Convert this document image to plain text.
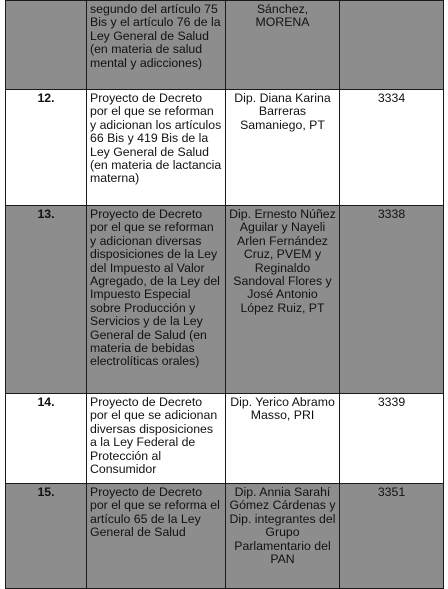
	segundo del artículo 75 Bis y el artículo 76 de la Ley General de Salud (en materia de salud mental y adicciones)	Sánchez, MORENA	
12.	Proyecto de Decreto por el que se reforman y adicionan los artículos 66 Bis y 419 Bis de la Ley General de Salud (en materia de lactancia materna)	Dip. Diana Karina Barreras Samaniego, PT	3334
13.	Proyecto de Decreto por el que se reforman y adicionan diversas disposiciones de la Ley del Impuesto al Valor Agregado, de la Ley del Impuesto Especial sobre Producción y Servicios y de la Ley General de Salud (en materia de bebidas electrolíticas orales)	Dip. Ernesto Núñez Aguilar y Nayeli Arlen Fernández Cruz, PVEM y Reginaldo Sandoval Flores y José Antonio López Ruiz, PT	3338
14.	Proyecto de Decreto por el que se adicionan diversas disposiciones a la Ley Federal de Protección al Consumidor	Dip. Yerico Abramo Masso, PRI	3339
15.	Proyecto de Decreto por el que se reforma el artículo 65 de la Ley General de Salud	Dip. Annia Sarahí Gómez Cárdenas y Dip. integrantes del Grupo Parlamentario del PAN	3351
